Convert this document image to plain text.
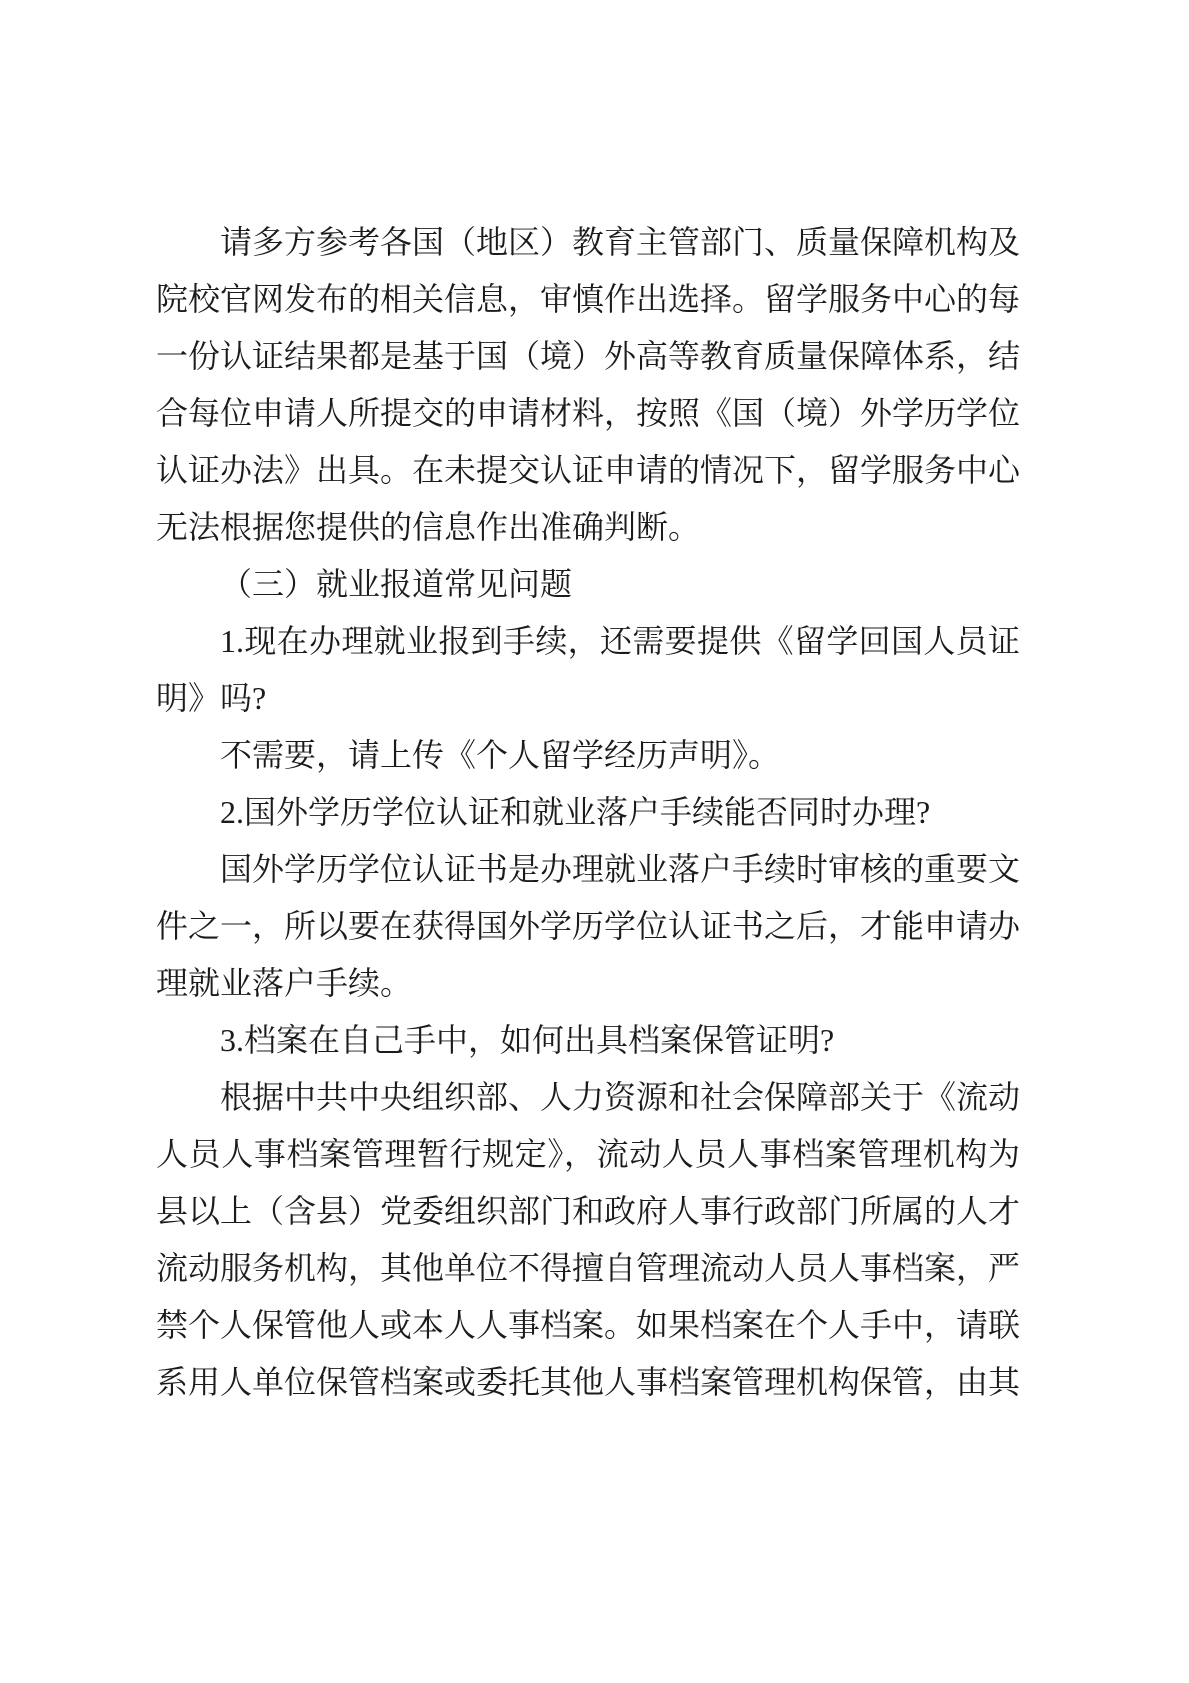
请多方参考各国（地区）教育主管部门、质量保障机构及院校官网发布的相关信息，审慎作出选择。留学服务中心的每一份认证结果都是基于国（境）外高等教育质量保障体系，结合每位申请人所提交的申请材料，按照《国（境）外学历学位认证办法》出具。在未提交认证申请的情况下，留学服务中心无法根据您提供的信息作出准确判断。

（三）就业报道常见问题

1.现在办理就业报到手续，还需要提供《留学回国人员证明》吗?

不需要，请上传《个人留学经历声明》。

2.国外学历学位认证和就业落户手续能否同时办理?

国外学历学位认证书是办理就业落户手续时审核的重要文件之一，所以要在获得国外学历学位认证书之后，才能申请办理就业落户手续。

3.档案在自己手中，如何出具档案保管证明?

根据中共中央组织部、人力资源和社会保障部关于《流动人员人事档案管理暂行规定》，流动人员人事档案管理机构为县以上（含县）党委组织部门和政府人事行政部门所属的人才流动服务机构，其他单位不得擅自管理流动人员人事档案，严禁个人保管他人或本人人事档案。如果档案在个人手中，请联系用人单位保管档案或委托其他人事档案管理机构保管，由其
